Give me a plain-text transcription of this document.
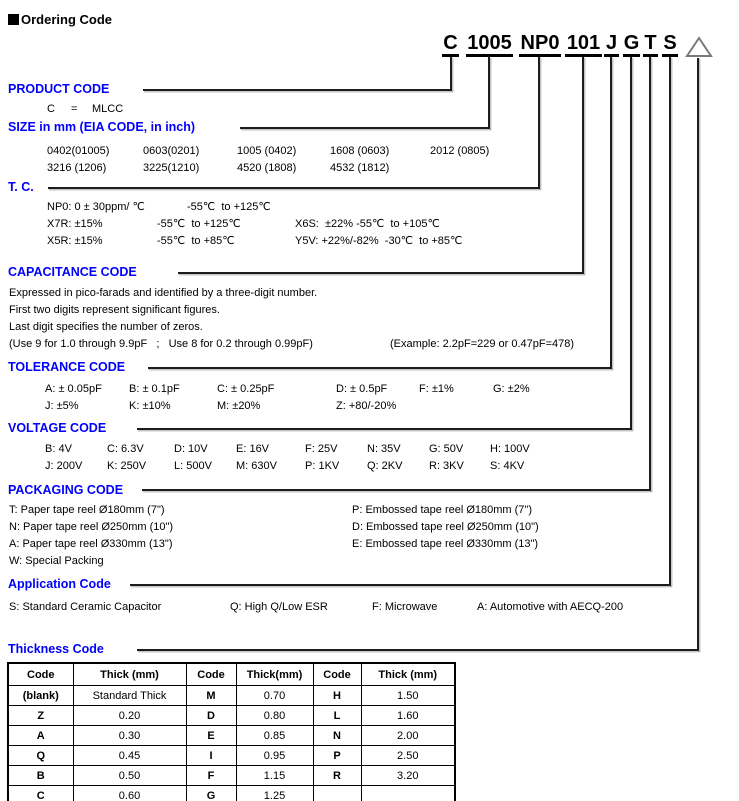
Ordering Code
C 1005 NP0 101 J G T S
PRODUCT CODE
SIZE in mm (EIA CODE, in inch)
T. C.
CAPACITANCE CODE
TOLERANCE CODE
VOLTAGE CODE
PACKAGING CODE
Application Code
Thickness Code
C = MLCC
0402(01005)	0603(0201)	1005 (0402)	1608 (0603)	2012 (0805)
3216 (1206)	3225(1210)	4520 (1808)	4532 (1812)
NP0: 0 ± 30ppm/ ℃	-55℃  to +125℃
X7R: ±15%	-55℃  to +125℃	X6S:  ±22% -55℃  to +105℃
X5R: ±15%	-55℃  to +85℃	Y5V: +22%/-82%  -30℃  to +85℃
Expressed in pico-farads and identified by a three-digit number.
First two digits represent significant figures.
Last digit specifies the number of zeros.
(Use 9 for 1.0 through 9.9pF   ;   Use 8 for 0.2 through 0.99pF)	(Example: 2.2pF=229 or 0.47pF=478)
A: ± 0.05pF B: ± 0.1pF	C: ± 0.25pF	D: ± 0.5pF	F: ±1%	G: ±2%
J: ±5%	K: ±10%	M: ±20%	Z: +80/-20%
B: 4V	C: 6.3V	D: 10V	E: 16V	F: 25V	N: 35V	G: 50V H: 100V
J: 200V K: 250V	L: 500V M: 630V	P: 1KV	Q: 2KV R: 3KV S: 4KV
T: Paper tape reel Ø180mm (7")
N: Paper tape reel Ø250mm (10")
A: Paper tape reel Ø330mm (13")
W: Special Packing
P: Embossed tape reel Ø180mm (7")
D: Embossed tape reel Ø250mm (10")
E: Embossed tape reel Ø330mm (13")
S: Standard Ceramic Capacitor	Q: High Q/Low ESR	F: Microwave	A: Automotive with AECQ-200
Code	Thick (mm)	Code	Thick(mm)	Code	Thick (mm)
(blank)	Standard Thick	M	0.70	H	1.50
Z	0.20	D	0.80	L	1.60
A	0.30	E	0.85	N	2.00
Q	0.45	I	0.95	P	2.50
B	0.50	F	1.15	R	3.20
C	0.60	G	1.25		
